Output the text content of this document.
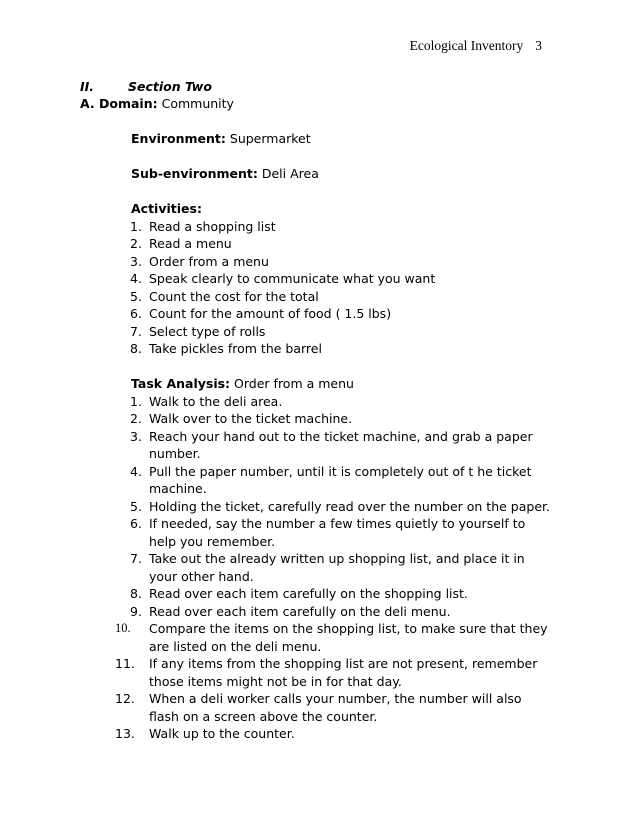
Ecological Inventory 3
II.	Section Two
A. Domain: Community
Environment: Supermarket
Sub-environment: Deli Area
Activities:
1. Read a shopping list
2. Read a menu
3. Order from a menu
4. Speak clearly to communicate what you want
5. Count the cost for the total
6. Count for the amount of food ( 1.5 lbs)
7. Select type of rolls
8. Take pickles from the barrel
Task Analysis: Order from a menu
1. Walk to the deli area.
2. Walk over to the ticket machine.
3. Reach your hand out to the ticket machine, and grab a paper number.
4. Pull the paper number, until it is completely out of t he ticket machine.
5. Holding the ticket, carefully read over the number on the paper.
6. If needed, say the number a few times quietly to yourself to help you remember.
7. Take out the already written up shopping list, and place it in your other hand.
8. Read over each item carefully on the shopping list.
9. Read over each item carefully on the deli menu.
10. Compare the items on the shopping list, to make sure that they are listed on the deli menu.
11. If any items from the shopping list are not present, remember those items might not be in for that day.
12. When a deli worker calls your number, the number will also flash on a screen above the counter.
13. Walk up to the counter.
